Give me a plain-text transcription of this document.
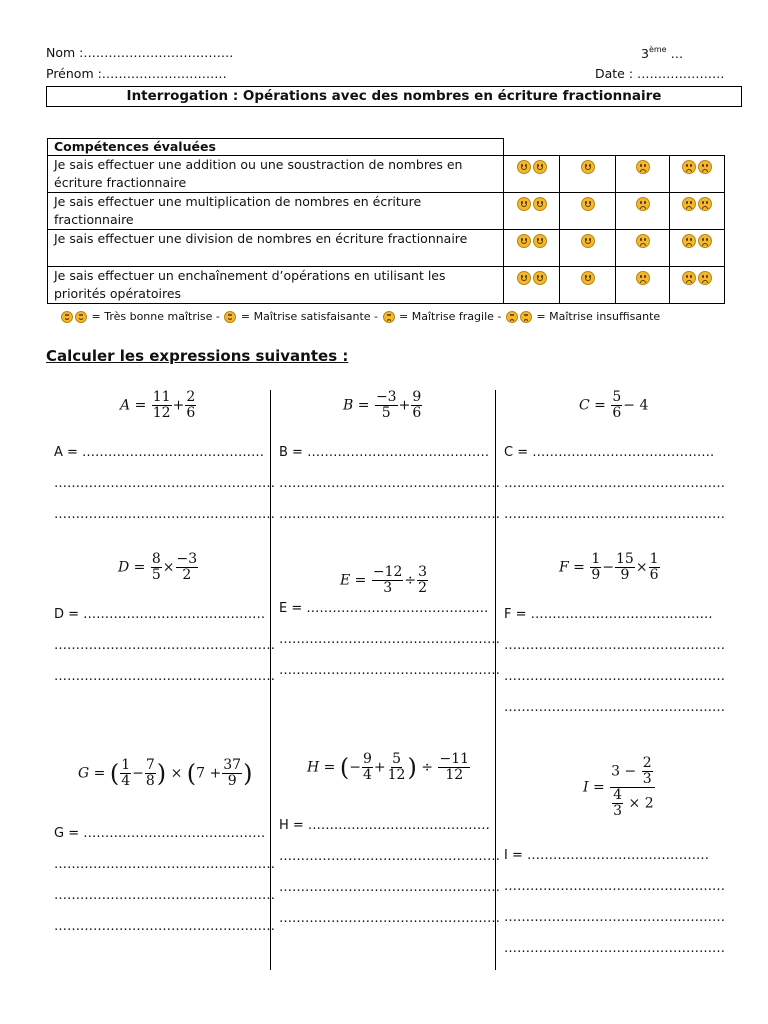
Nom :………………………………
Prénom :…………………………
3ème …
Date : …………………
Interrogation : Opérations avec des nombres en écriture fractionnaire
Compétences évaluées				
Je sais effectuer une addition ou une soustraction de nombres en écriture fractionnaire	

Je sais effectuer une multiplication de nombres en écriture fractionnaire	

Je sais effectuer une division de nombres en écriture fractionnaire	

Je sais effectuer un enchaînement d’opérations en utilisant les priorités opératoires	

= Très bonne maîtrise - = Maîtrise satisfaisante - = Maîtrise fragile -	= Maîtrise insuffisante
Calculer les expressions suivantes :
$A = \frac{11}{12} + \frac{2}{6}$
A = ……………………………………
……………………………………………
……………………………………………
$B = \frac{-3}{5} + \frac{9}{6}$
B = ……………………………………
……………………………………………
……………………………………………
$C = \frac{5}{6} - 4$
C = ……………………………………
……………………………………………
……………………………………………
$D = \frac{8}{5} \times \frac{-3}{2}$
D = ……………………………………
……………………………………………
……………………………………………
$E = \frac{-12}{3} \div \frac{3}{2}$
E = ……………………………………
……………………………………………
……………………………………………
$F = \frac{1}{9} - \frac{15}{9} \times \frac{1}{6}$
F = ……………………………………
……………………………………………
……………………………………………
……………………………………………
G = ( $\frac{1}{4} - \frac{7}{8}$ ) × ($7 + \frac{37}{9}$ )
G = ……………………………………
……………………………………………
……………………………………………
……………………………………………
H = (− $\frac{9}{4} + \frac{5}{12}$ ) ÷ $\frac{-11}{12}$
H = ……………………………………
……………………………………………
……………………………………………
……………………………………………
$I = \frac{3 - \frac{2}{3}}{\frac{4}{3} \times 2}$
I = ……………………………………
……………………………………………
……………………………………………
……………………………………………
